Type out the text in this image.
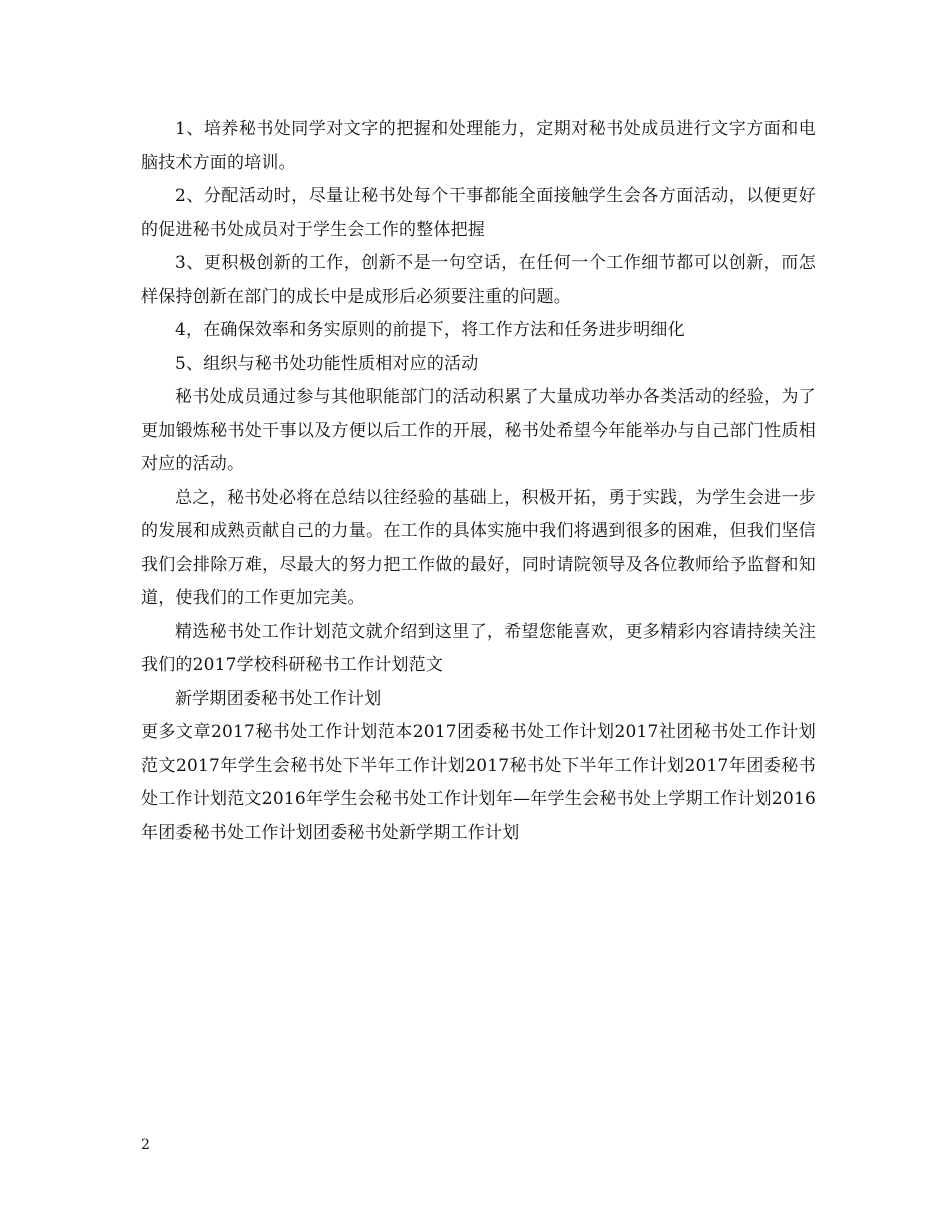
1、培养秘书处同学对文字的把握和处理能力，定期对秘书处成员进行文字方面和电脑技术方面的培训。

2、分配活动时，尽量让秘书处每个干事都能全面接触学生会各方面活动，以便更好的促进秘书处成员对于学生会工作的整体把握

3、更积极创新的工作，创新不是一句空话，在任何一个工作细节都可以创新，而怎样保持创新在部门的成长中是成形后必须要注重的问题。

4，在确保效率和务实原则的前提下，将工作方法和任务进步明细化

5、组织与秘书处功能性质相对应的活动

秘书处成员通过参与其他职能部门的活动积累了大量成功举办各类活动的经验，为了更加锻炼秘书处干事以及方便以后工作的开展，秘书处希望今年能举办与自己部门性质相对应的活动。

总之，秘书处必将在总结以往经验的基础上，积极开拓，勇于实践，为学生会进一步的发展和成熟贡献自己的力量。在工作的具体实施中我们将遇到很多的困难，但我们坚信我们会排除万难，尽最大的努力把工作做的最好，同时请院领导及各位教师给予监督和知道，使我们的工作更加完美。

精选秘书处工作计划范文就介绍到这里了，希望您能喜欢，更多精彩内容请持续关注我们的2017学校科研秘书工作计划范文

新学期团委秘书处工作计划

更多文章2017秘书处工作计划范本2017团委秘书处工作计划2017社团秘书处工作计划范文2017年学生会秘书处下半年工作计划2017秘书处下半年工作计划2017年团委秘书处工作计划范文2016年学生会秘书处工作计划年—年学生会秘书处上学期工作计划2016年团委秘书处工作计划团委秘书处新学期工作计划

2
